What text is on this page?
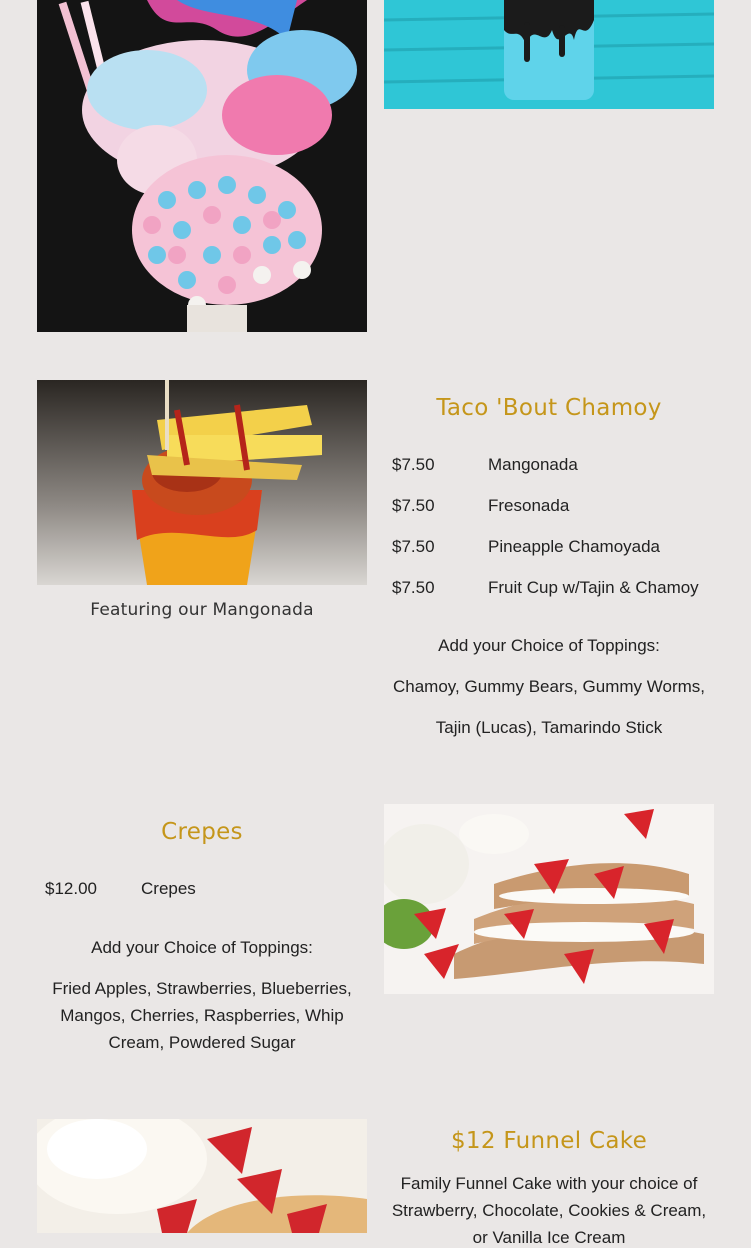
Featuring our Mangonada
Taco 'Bout Chamoy
$7.50	Mangonada
$7.50	Fresonada
$7.50	Pineapple Chamoyada
$7.50	Fruit Cup w/Tajin & Chamoy
Add your Choice of Toppings:
Chamoy, Gummy Bears, Gummy Worms,
Tajin (Lucas), Tamarindo Stick
Crepes
$12.00	Crepes
Add your Choice of Toppings:
Fried Apples, Strawberries, Blueberries,
Mangos, Cherries, Raspberries, Whip
Cream, Powdered Sugar
$12 Funnel Cake
Family Funnel Cake with your choice of
Strawberry, Chocolate, Cookies & Cream,
or Vanilla Ice Cream
